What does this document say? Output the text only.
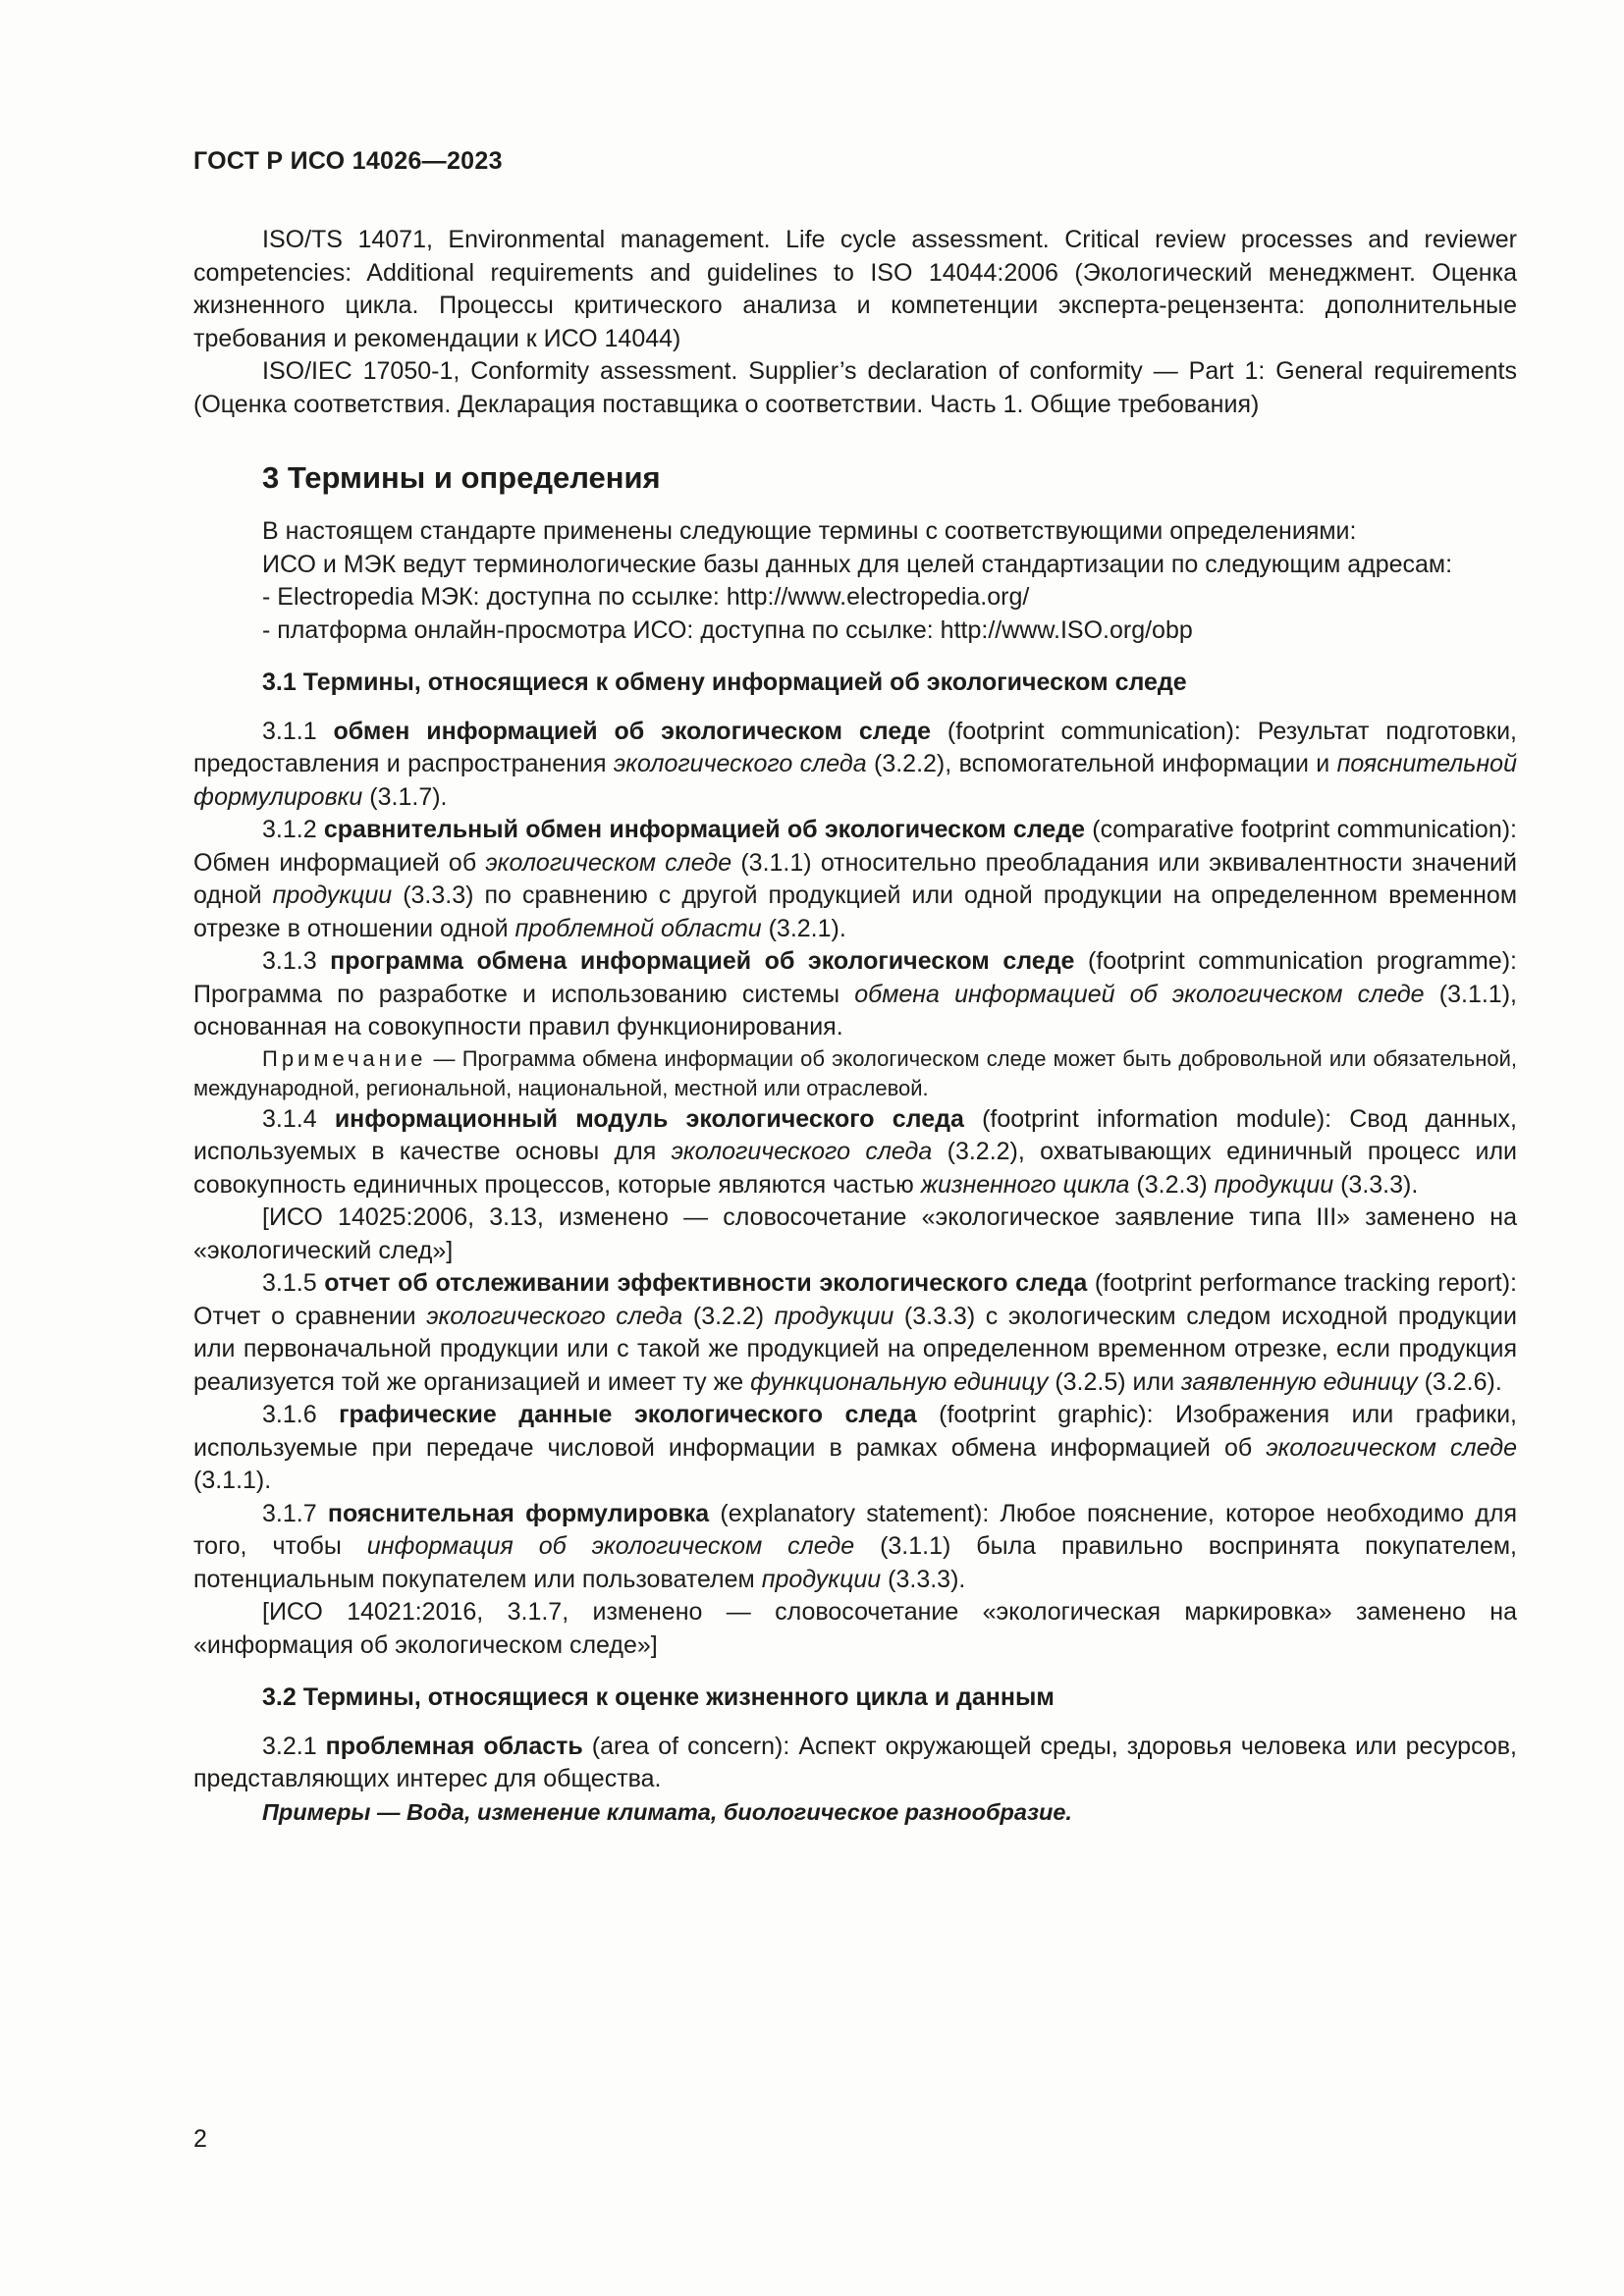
ГОСТ Р ИСО 14026—2023

ISO/TS 14071, Environmental management. Life cycle assessment. Critical review processes and reviewer competencies: Additional requirements and guidelines to ISO 14044:2006 (Экологический менеджмент. Оценка жизненного цикла. Процессы критического анализа и компетенции эксперта-рецензента: дополнительные требования и рекомендации к ИСО 14044)

ISO/IEC 17050-1, Conformity assessment. Supplier’s declaration of conformity — Part 1: General requirements (Оценка соответствия. Декларация поставщика о соответствии. Часть 1. Общие требования)

3 Термины и определения

В настоящем стандарте применены следующие термины с соответствующими определениями:

ИСО и МЭК ведут терминологические базы данных для целей стандартизации по следующим адресам:

- Electropedia МЭК: доступна по ссылке: http://www.electropedia.org/

- платформа онлайн-просмотра ИСО: доступна по ссылке: http://www.ISO.org/obp

3.1 Термины, относящиеся к обмену информацией об экологическом следе

3.1.1 обмен информацией об экологическом следе (footprint communication): Результат подготовки, предоставления и распространения экологического следа (3.2.2), вспомогательной информации и пояснительной формулировки (3.1.7).

3.1.2 сравнительный обмен информацией об экологическом следе (comparative footprint communication): Обмен информацией об экологическом следе (3.1.1) относительно преобладания или эквивалентности значений одной продукции (3.3.3) по сравнению с другой продукцией или одной продукции на определенном временном отрезке в отношении одной проблемной области (3.2.1).

3.1.3 программа обмена информацией об экологическом следе (footprint communication programme): Программа по разработке и использованию системы обмена информацией об экологическом следе (3.1.1), основанная на совокупности правил функционирования.

Примечание — Программа обмена информации об экологическом следе может быть добровольной или обязательной, международной, региональной, национальной, местной или отраслевой.

3.1.4 информационный модуль экологического следа (footprint information module): Свод данных, используемых в качестве основы для экологического следа (3.2.2), охватывающих единичный процесс или совокупность единичных процессов, которые являются частью жизненного цикла (3.2.3) продукции (3.3.3).

[ИСО 14025:2006, 3.13, изменено — словосочетание «экологическое заявление типа III» заменено на «экологический след»]

3.1.5 отчет об отслеживании эффективности экологического следа (footprint performance tracking report): Отчет о сравнении экологического следа (3.2.2) продукции (3.3.3) с экологическим следом исходной продукции или первоначальной продукции или с такой же продукцией на определенном временном отрезке, если продукция реализуется той же организацией и имеет ту же функциональную единицу (3.2.5) или заявленную единицу (3.2.6).

3.1.6 графические данные экологического следа (footprint graphic): Изображения или графики, используемые при передаче числовой информации в рамках обмена информацией об экологическом следе (3.1.1).

3.1.7 пояснительная формулировка (explanatory statement): Любое пояснение, которое необходимо для того, чтобы информация об экологическом следе (3.1.1) была правильно воспринята покупателем, потенциальным покупателем или пользователем продукции (3.3.3).

[ИСО 14021:2016, 3.1.7, изменено — словосочетание «экологическая маркировка» заменено на «информация об экологическом следе»]

3.2 Термины, относящиеся к оценке жизненного цикла и данным

3.2.1 проблемная область (area of concern): Аспект окружающей среды, здоровья человека или ресурсов, представляющих интерес для общества.

Примеры — Вода, изменение климата, биологическое разнообразие.

2
